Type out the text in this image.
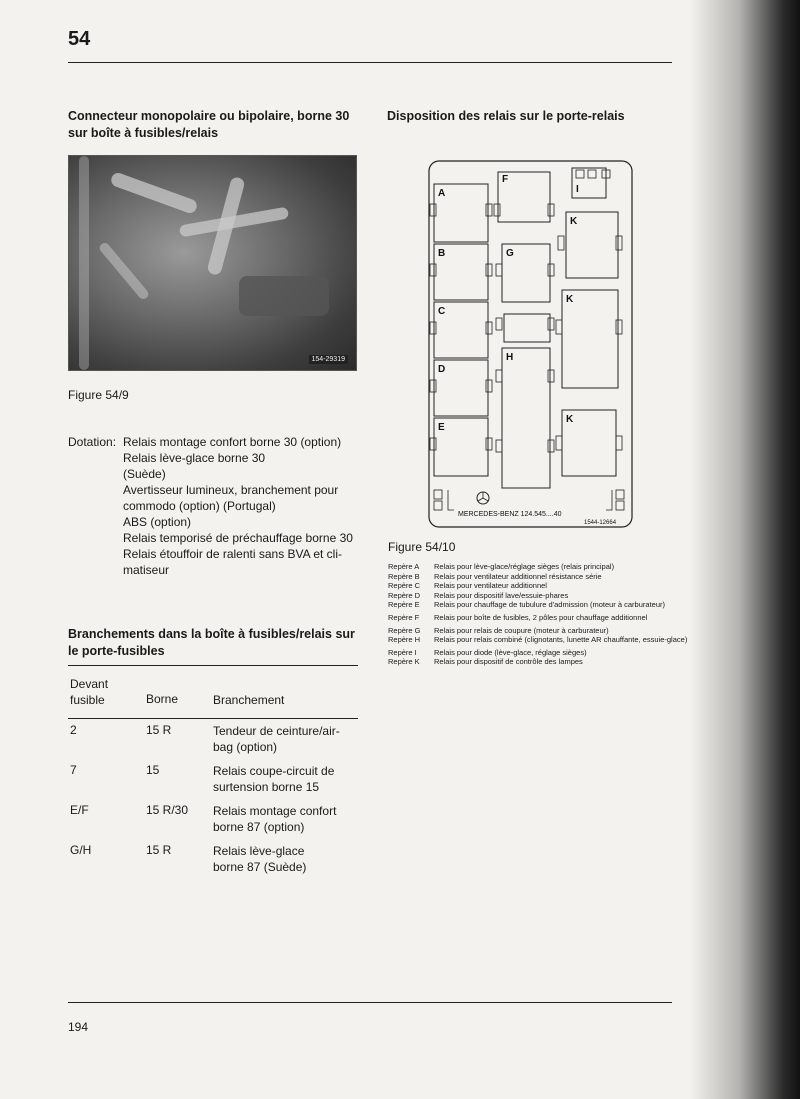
54
Connecteur monopolaire ou bipolaire, borne 30 sur boîte à fusibles/relais
154-29319
Figure 54/9
Dotation: Relais montage confort borne 30 (option)
Relais lève-glace borne 30
(Suède)
Avertisseur lumineux, branchement pour
commodo (option) (Portugal)
ABS (option)
Relais temporisé de préchauffage borne 30
Relais étouffoir de ralenti sans BVA et cli-
matiseur
Branchements dans la boîte à fusibles/relais sur le porte-fusibles
Devant fusible	Borne	Branchement
2	15 R	Tendeur de ceinture/air-
bag (option)
7	15	Relais coupe-circuit de
surtension borne 15
E/F	15 R/30 Relais montage confort
borne 87 (option)
G/H	15 R	Relais lève-glace
borne 87 (Suède)
Disposition des relais sur le porte-relais
A
B
C
D
E
F
G
H
I
K
K
K
MERCEDES-BENZ 124.545....40
1544-12664
Figure 54/10
Repère A Relais pour lève-glace/réglage sièges (relais principal)
Repère B Relais pour ventilateur additionnel résistance série
Repère C Relais pour ventilateur additionnel
Repère D Relais pour dispositif lave/essuie-phares
Repère E Relais pour chauffage de tubulure d'admission (moteur à carburateur)
Repère F Relais pour boîte de fusibles, 2 pôles pour chauffage additionnel
Repère G Relais pour relais de coupure (moteur à carburateur)
Repère H Relais pour relais combiné (clignotants, lunette AR chauffante, essuie-glace)
Repère I Relais pour diode (lève-glace, réglage sièges)
Repère K Relais pour dispositif de contrôle des lampes
194
